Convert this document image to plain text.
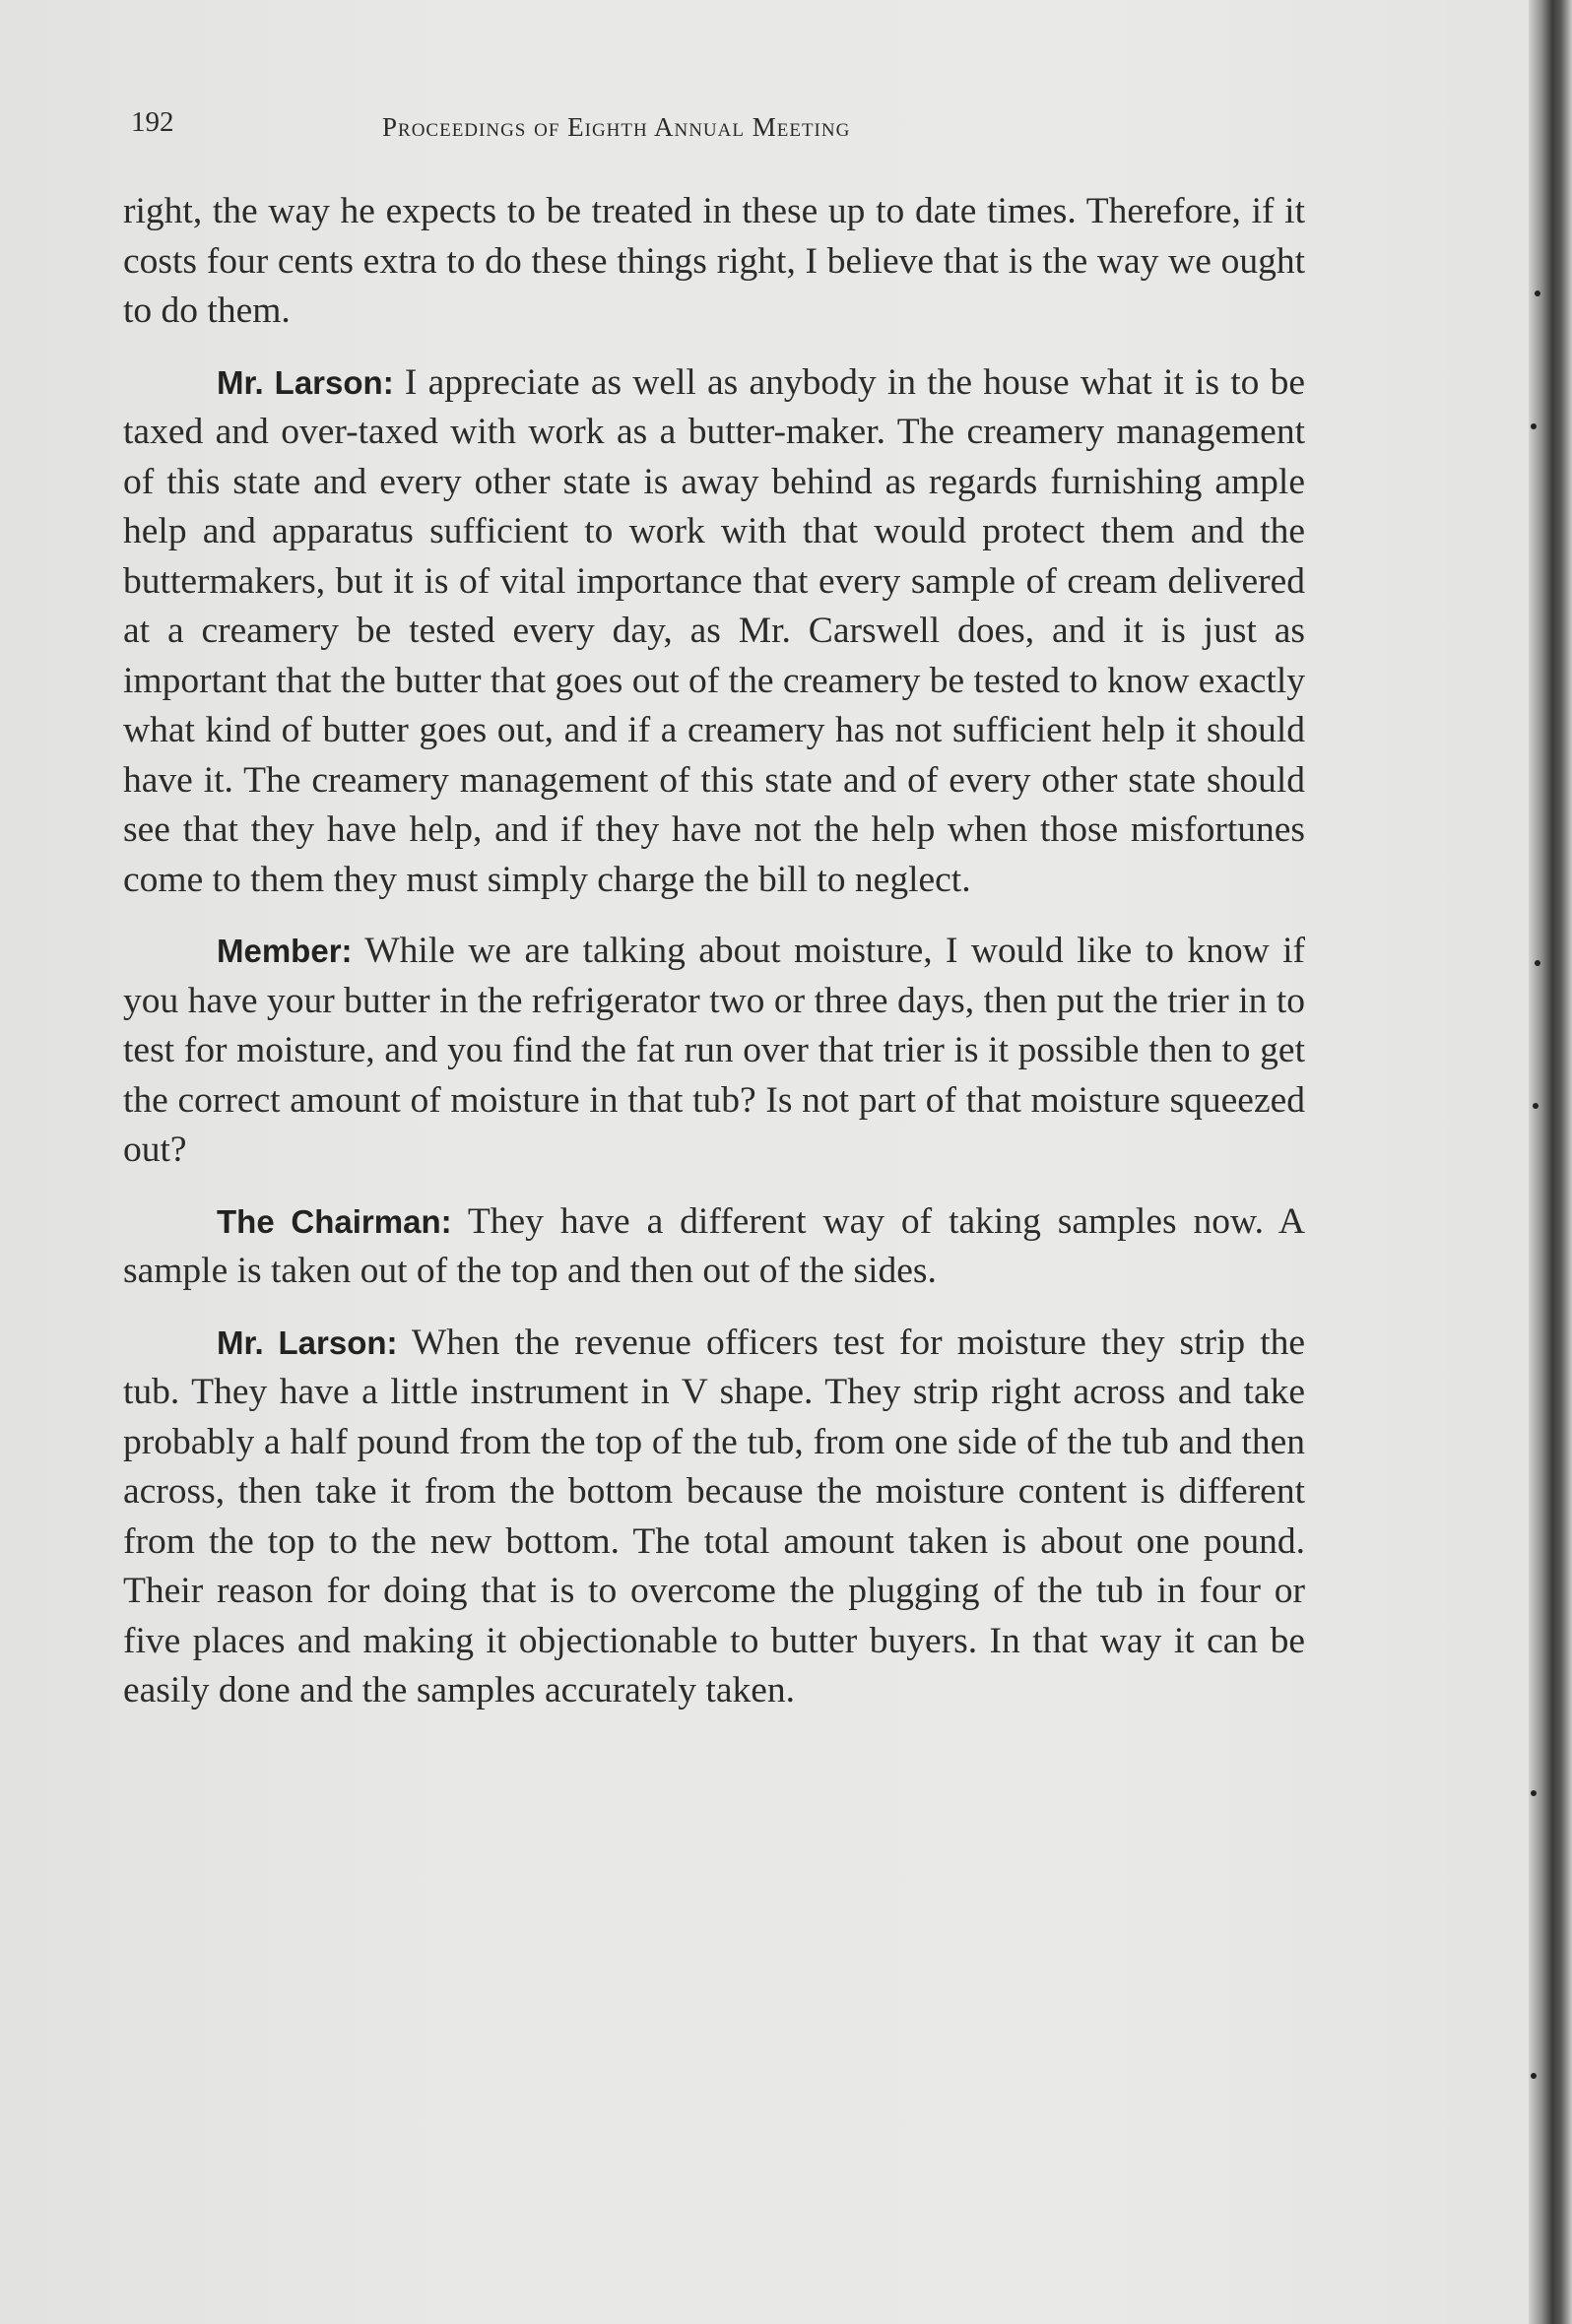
192	Proceedings of Eighth Annual Meeting

right, the way he expects to be treated in these up to date times. Therefore, if it costs four cents extra to do these things right, I believe that is the way we ought to do them.

Mr. Larson: I appreciate as well as anybody in the house what it is to be taxed and over-taxed with work as a butter-maker. The creamery management of this state and every other state is away behind as regards furnishing ample help and apparatus sufficient to work with that would protect them and the buttermakers, but it is of vital importance that every sample of cream delivered at a creamery be tested every day, as Mr. Carswell does, and it is just as important that the butter that goes out of the creamery be tested to know exactly what kind of butter goes out, and if a creamery has not sufficient help it should have it. The creamery management of this state and of every other state should see that they have help, and if they have not the help when those misfortunes come to them they must simply charge the bill to neglect.

Member: While we are talking about moisture, I would like to know if you have your butter in the refrigerator two or three days, then put the trier in to test for moisture, and you find the fat run over that trier is it possible then to get the correct amount of moisture in that tub? Is not part of that moisture squeezed out?

The Chairman: They have a different way of taking samples now. A sample is taken out of the top and then out of the sides.

Mr. Larson: When the revenue officers test for moisture they strip the tub. They have a little instrument in V shape. They strip right across and take probably a half pound from the top of the tub, from one side of the tub and then across, then take it from the bottom because the moisture content is different from the top to the new bottom. The total amount taken is about one pound. Their reason for doing that is to overcome the plugging of the tub in four or five places and making it objectionable to butter buyers. In that way it can be easily done and the samples accurately taken.
